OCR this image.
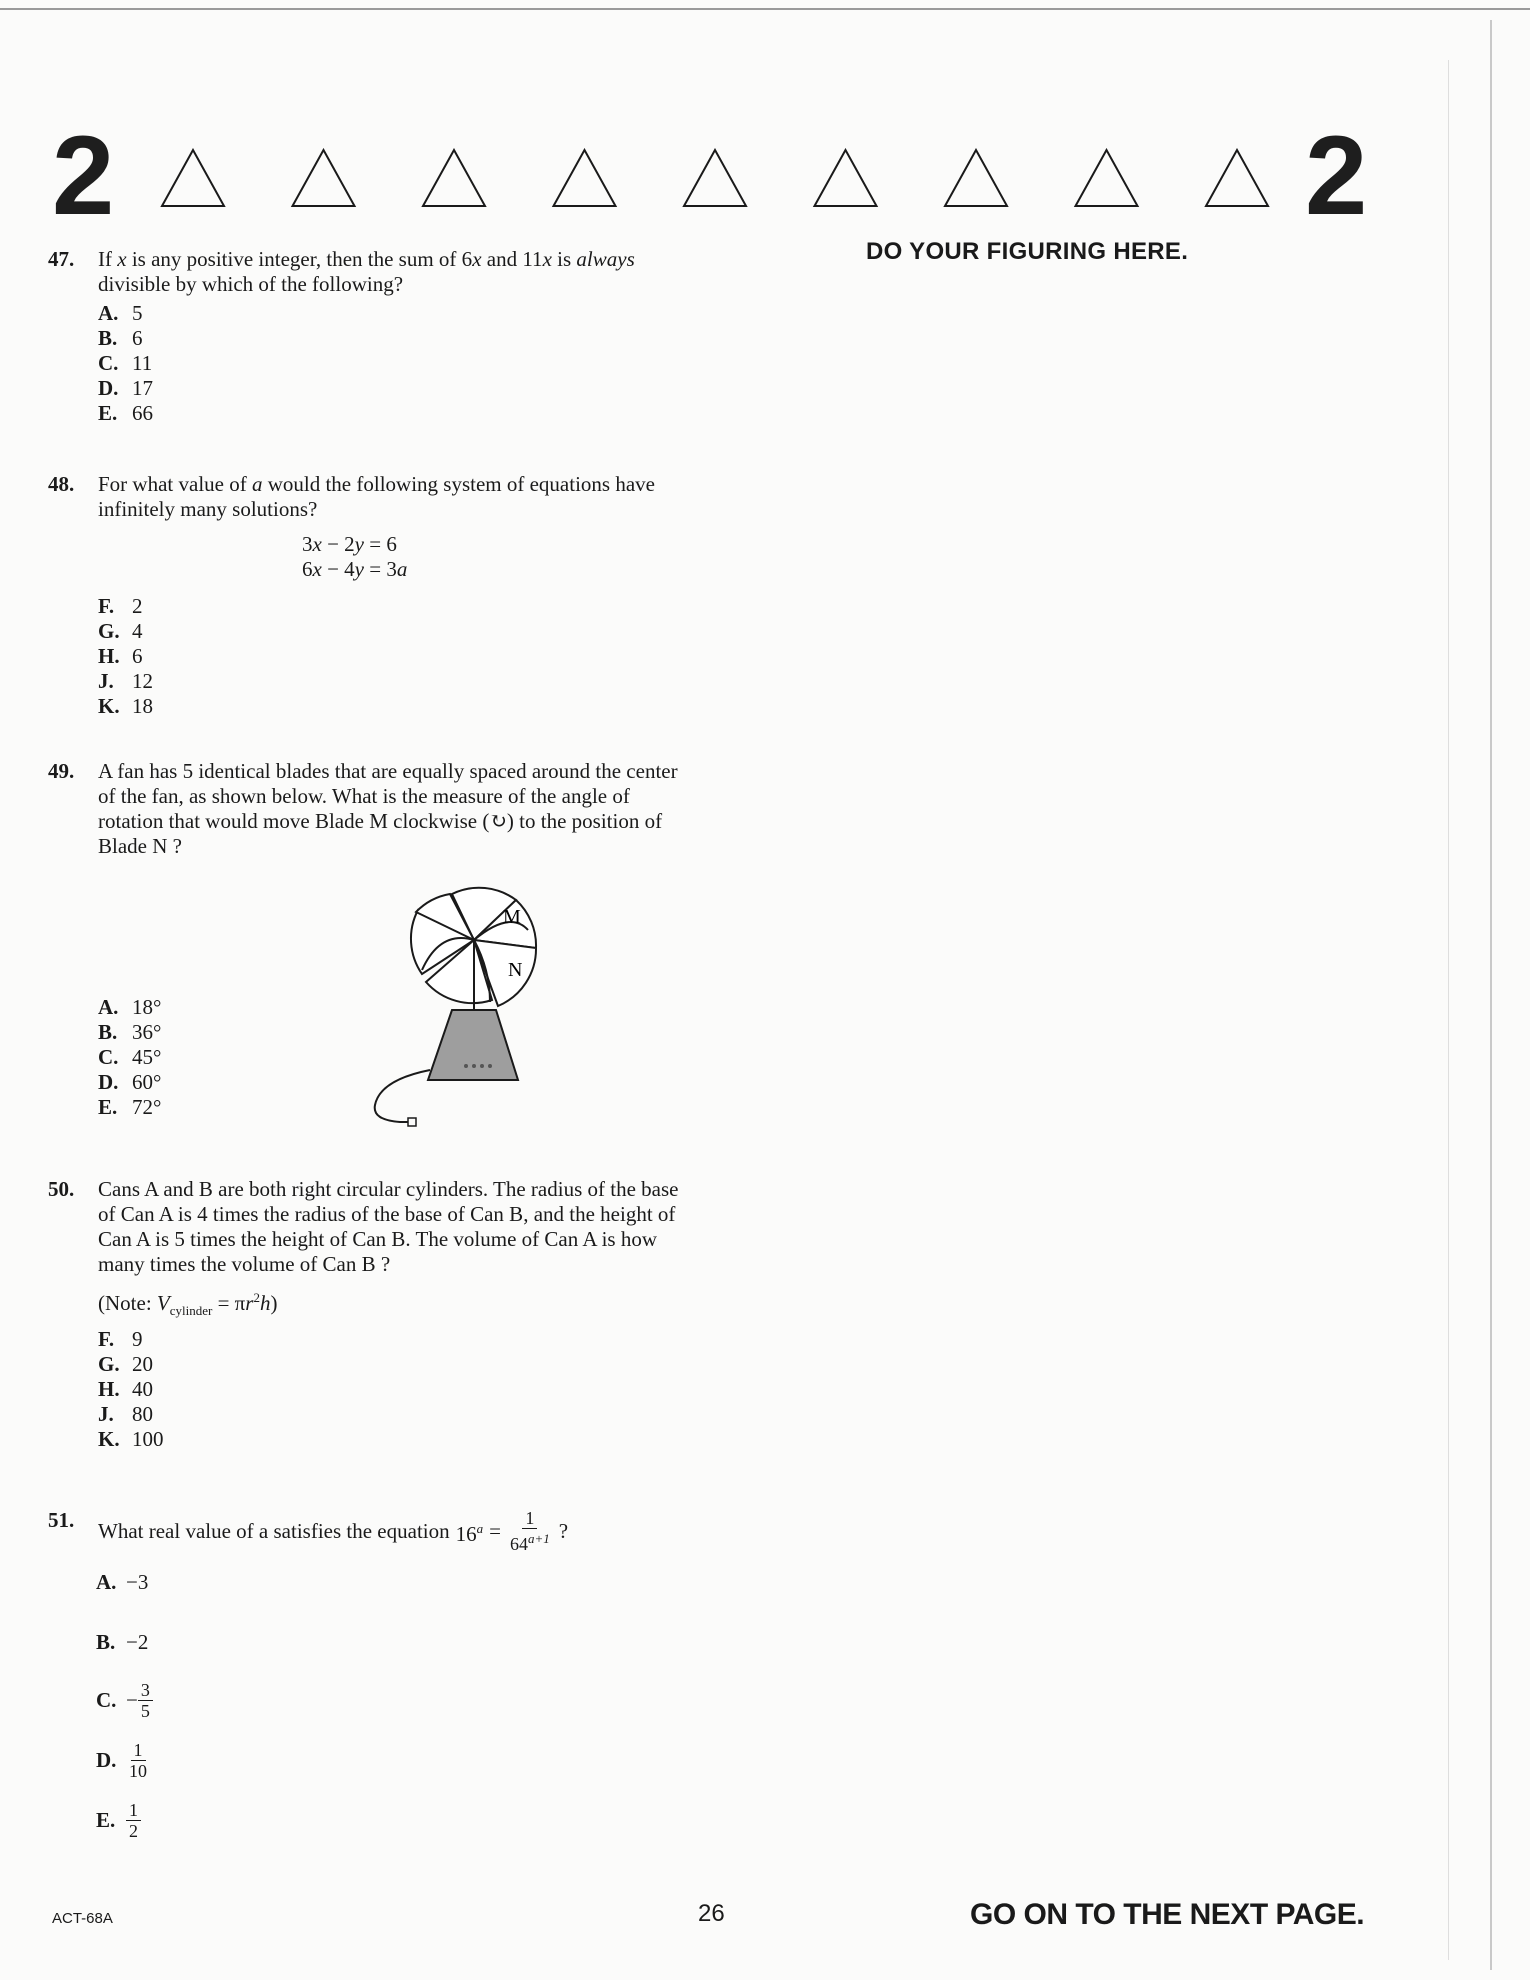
2	2
DO YOUR FIGURING HERE.
47. If x is any positive integer, then the sum of 6x and 11x is always divisible by which of the following?
A. 5
B. 6
C. 11
D. 17
E. 66
48. For what value of a would the following system of equations have infinitely many solutions?
3x − 2y = 6
6x − 4y = 3a
F. 2
G. 4
H. 6
J. 12
K. 18
49. A fan has 5 identical blades that are equally spaced around the center of the fan, as shown below. What is the measure of the angle of rotation that would move Blade M clockwise (↻) to the position of Blade N ?
A. 18°
B. 36°
C. 45°
D. 60°
E. 72°
M
N
50. Cans A and B are both right circular cylinders. The radius of the base of Can A is 4 times the radius of the base of Can B, and the height of Can A is 5 times the height of Can B. The volume of Can A is how many times the volume of Can B ?
(Note: $V_{cylinder} = \pi r^2h$)
F. 9
G. 20
H. 40
J. 80
K. 100
51. What real value of a satisfies the equation $16^a = \frac{1}{64^{a+1}}$ ?
A. −3
B. −2
C. − $\frac{3}{5}$
D. $\frac{1}{10}$
E. $\frac{1}{2}$
ACT-68A	26	GO ON TO THE NEXT PAGE.
